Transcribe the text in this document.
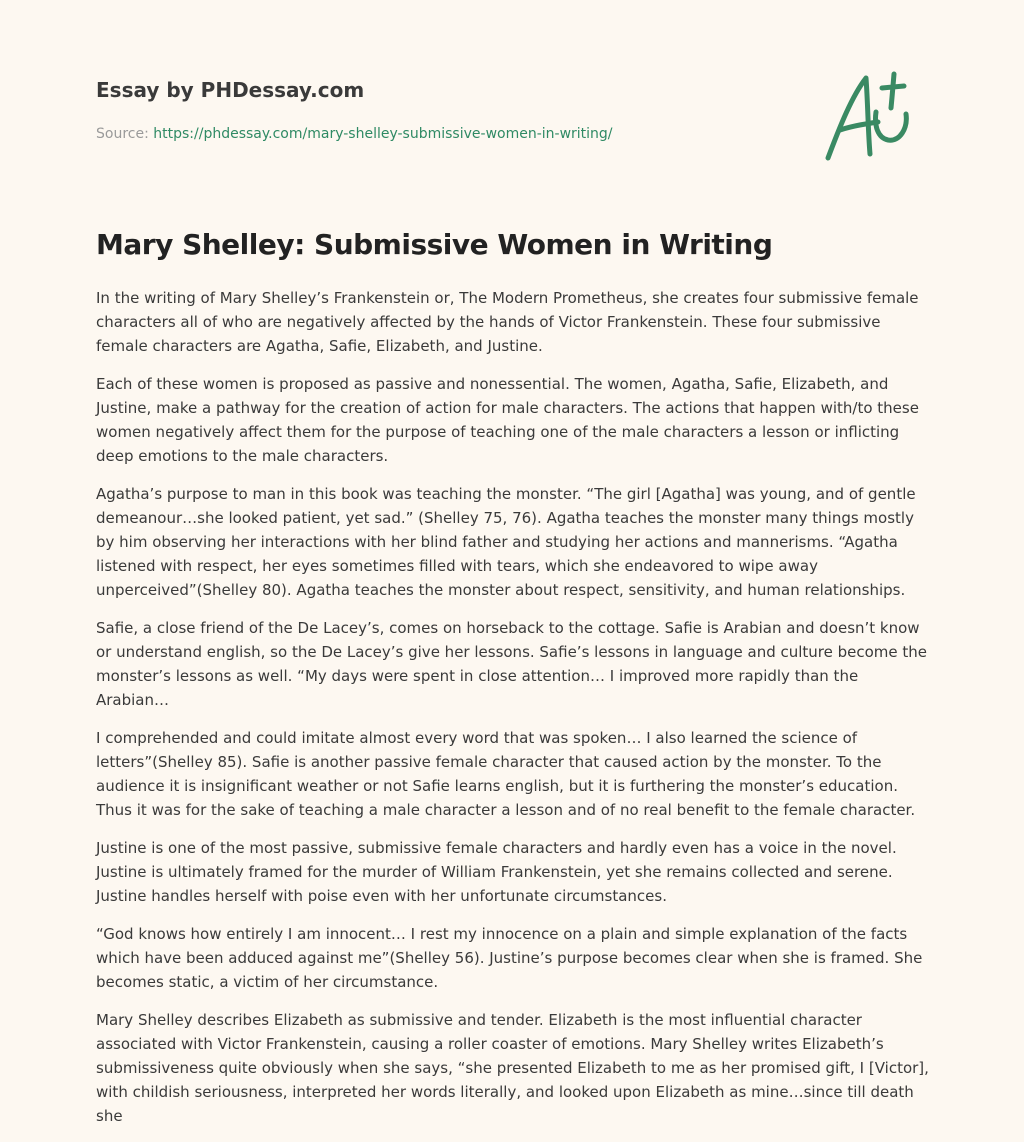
Essay by PHDessay.com

Source: https://phdessay.com/mary-shelley-submissive-women-in-writing/
Mary Shelley: Submissive Women in Writing

In the writing of Mary Shelley’s Frankenstein or, The Modern Prometheus, she creates four submissive female characters all of who are negatively affected by the hands of Victor Frankenstein. These four submissive female characters are Agatha, Safie, Elizabeth, and Justine.

Each of these women is proposed as passive and nonessential. The women, Agatha, Safie, Elizabeth, and Justine, make a pathway for the creation of action for male characters. The actions that happen with/to these women negatively affect them for the purpose of teaching one of the male characters a lesson or inflicting deep emotions to the male characters.

Agatha’s purpose to man in this book was teaching the monster. “The girl [Agatha] was young, and of gentle demeanour…she looked patient, yet sad.” (Shelley 75, 76). Agatha teaches the monster many things mostly by him observing her interactions with her blind father and studying her actions and mannerisms. “Agatha listened with respect, her eyes sometimes filled with tears, which she endeavored to wipe away unperceived”(Shelley 80). Agatha teaches the monster about respect, sensitivity, and human relationships.

Safie, a close friend of the De Lacey’s, comes on horseback to the cottage. Safie is Arabian and doesn’t know or understand english, so the De Lacey’s give her lessons. Safie’s lessons in language and culture become the monster’s lessons as well. “My days were spent in close attention… I improved more rapidly than the Arabian…

I comprehended and could imitate almost every word that was spoken… I also learned the science of letters”(Shelley 85). Safie is another passive female character that caused action by the monster. To the audience it is insignificant weather or not Safie learns english, but it is furthering the monster’s education. Thus it was for the sake of teaching a male character a lesson and of no real benefit to the female character.

Justine is one of the most passive, submissive female characters and hardly even has a voice in the novel. Justine is ultimately framed for the murder of William Frankenstein, yet she remains collected and serene.
Justine handles herself with poise even with her unfortunate circumstances.

“God knows how entirely I am innocent… I rest my innocence on a plain and simple explanation of the facts which have been adduced against me”(Shelley 56). Justine’s purpose becomes clear when she is framed. She becomes static, a victim of her circumstance.

Mary Shelley describes Elizabeth as submissive and tender. Elizabeth is the most influential character associated with Victor Frankenstein, causing a roller coaster of emotions. Mary Shelley writes Elizabeth’s submissiveness quite obviously when she says, “she presented Elizabeth to me as her promised gift, I [Victor], with childish seriousness, interpreted her words literally, and looked upon Elizabeth as mine…since till death she
